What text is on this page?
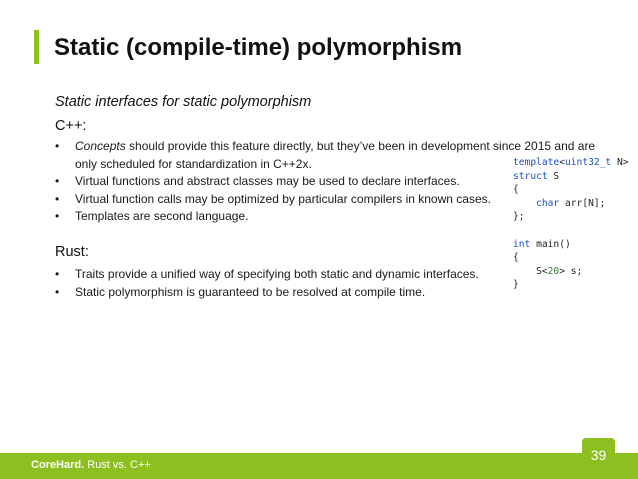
Static (compile-time) polymorphism
Static interfaces for static polymorphism
C++:
• Concepts should provide this feature directly, but they’ve been in development since 2015 and are only scheduled for standardization in C++2x.
• Virtual functions and abstract classes may be used to declare interfaces.
• Virtual function calls may be optimized by particular compilers in known cases.
• Templates are second language.
Rust:
• Traits provide a unified way of specifying both static and dynamic interfaces.
• Static polymorphism is guaranteed to be resolved at compile time.
template<uint32_t N>
struct S
{
char arr[N];
};

int main()
{
S<20> s;
}
CoreHard. Rust vs. C++
39
